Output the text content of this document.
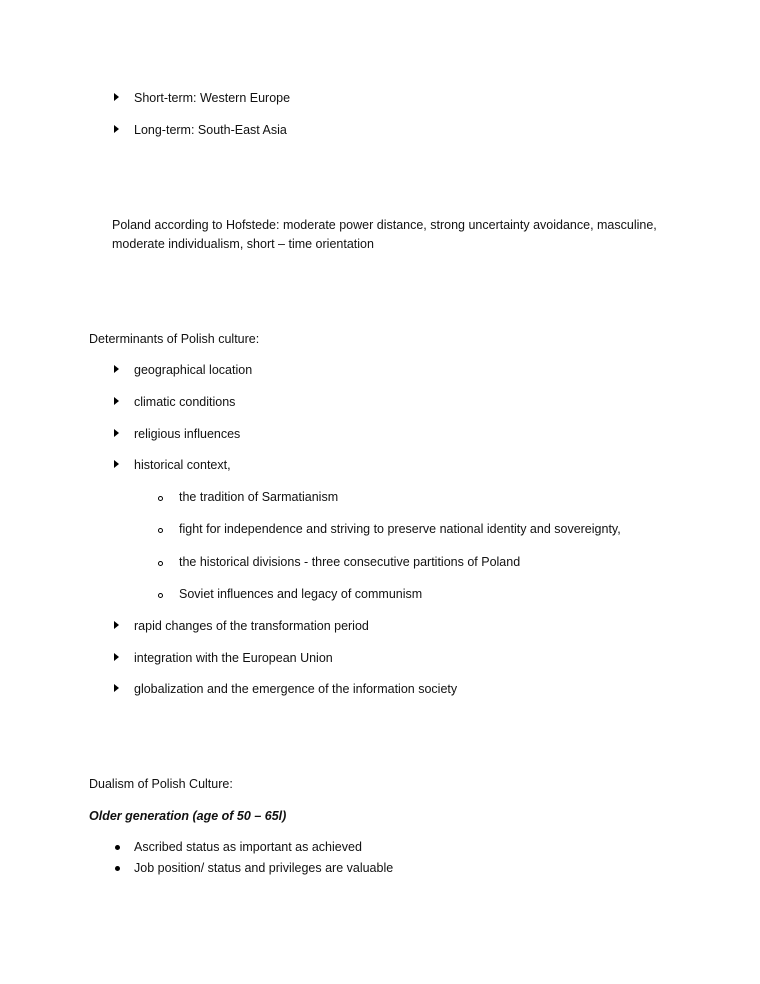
Short-term: Western Europe
Long-term: South-East Asia
Poland according to Hofstede: moderate power distance, strong uncertainty avoidance, masculine,
moderate individualism, short – time orientation
Determinants of Polish culture:
geographical location
climatic conditions
religious influences
historical context,
the tradition of Sarmatianism
fight for independence and striving to preserve national identity and sovereignty,
the historical divisions - three consecutive partitions of Poland
Soviet influences and legacy of communism
rapid changes of the transformation period
integration with the European Union
globalization and the emergence of the information society
Dualism of Polish Culture:
Older generation (age of 50 – 65l)
Ascribed status as important as achieved
Job position/ status and privileges are valuable
